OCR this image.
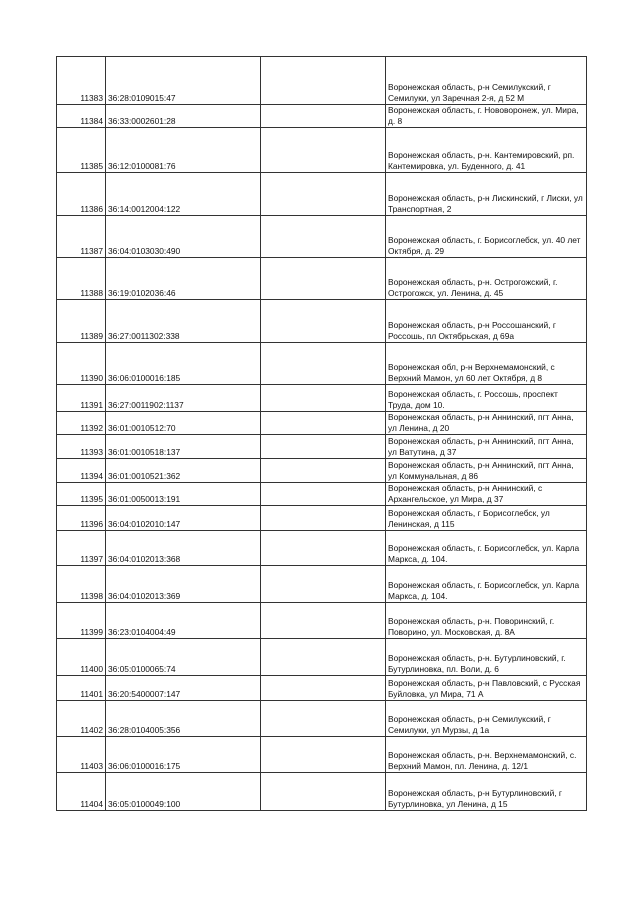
11383	36:28:0109015:47		Воронежская область, р-н Семилукский, г Семилуки, ул Заречная 2-я, д 52 М
11384	36:33:0002601:28		Воронежская область, г. Нововоронеж, ул. Мира, д. 8
11385	36:12:0100081:76		Воронежская область, р-н. Кантемировский, рп. Кантемировка, ул. Буденного, д. 41
11386	36:14:0012004:122		Воронежская область, р-н Лискинский, г Лиски, ул Транспортная, 2
11387	36:04:0103030:490		Воронежская область, г. Борисоглебск, ул. 40 лет Октября, д. 29
11388	36:19:0102036:46		Воронежская область, р-н. Острогожский, г. Острогожск, ул. Ленина, д. 45
11389	36:27:0011302:338		Воронежская область, р-н Россошанский, г Россошь, пл Октябрьская, д 69а
11390	36:06:0100016:185		Воронежская обл, р-н Верхнемамонский, с Верхний Мамон, ул 60 лет Октября, д 8
11391	36:27:0011902:1137		Воронежская область, г. Россошь, проспект Труда, дом 10.
11392	36:01:0010512:70		Воронежская область, р-н Аннинский, пгт Анна, ул Ленина, д 20
11393	36:01:0010518:137		Воронежская область, р-н Аннинский, пгт Анна, ул Ватутина, д 37
11394	36:01:0010521:362		Воронежская область, р-н Аннинский, пгт Анна, ул Коммунальная, д 86
11395	36:01:0050013:191		Воронежская область, р-н Аннинский, с Архангельское, ул Мира, д 37
11396	36:04:0102010:147		Воронежская область, г Борисоглебск, ул Ленинская, д 115
11397	36:04:0102013:368		Воронежская область, г. Борисоглебск, ул. Карла Маркса, д. 104.
11398	36:04:0102013:369		Воронежская область, г. Борисоглебск, ул. Карла Маркса, д. 104.
11399	36:23:0104004:49		Воронежская область, р-н. Поворинский, г. Поворино, ул. Московская, д. 8А
11400	36:05:0100065:74		Воронежская область, р-н. Бутурлиновский, г. Бутурлиновка, пл. Воли, д. 6
11401	36:20:5400007:147		Воронежская область, р-н Павловский, с Русская Буйловка, ул Мира, 71 А
11402	36:28:0104005:356		Воронежская область, р-н Семилукский, г Семилуки, ул Мурзы, д 1а
11403	36:06:0100016:175		Воронежская область, р-н. Верхнемамонский, с. Верхний Мамон, пл. Ленина, д. 12/1
11404	36:05:0100049:100		Воронежская область, р-н Бутурлиновский, г Бутурлиновка, ул Ленина, д 15
